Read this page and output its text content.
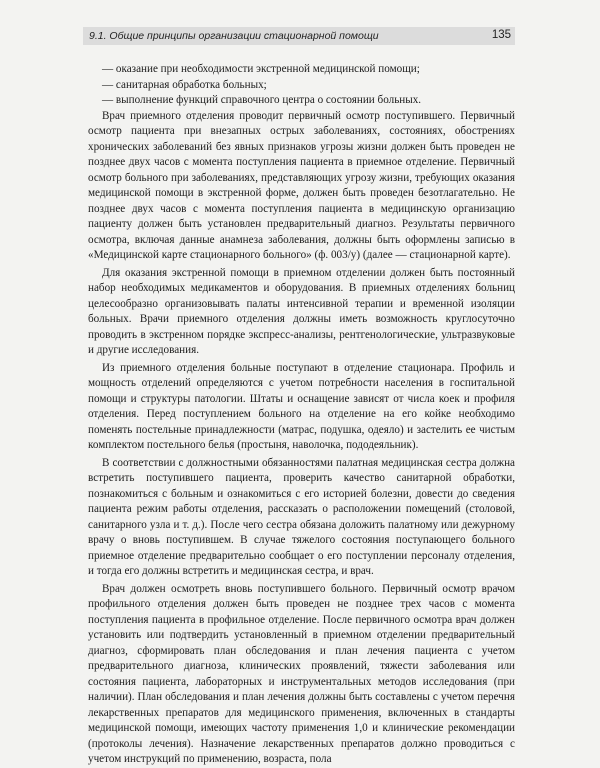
9.1. Общие принципы организации стационарной помощи	135

— оказание при необходимости экстренной медицинской помощи;

— санитарная обработка больных;

— выполнение функций справочного центра о состоянии больных.

Врач приемного отделения проводит первичный осмотр поступившего. Первичный осмотр пациента при внезапных острых заболеваниях, состояниях, обострениях хронических заболеваний без явных признаков угрозы жизни должен быть проведен не позднее двух часов с момента поступления пациента в приемное отделение. Первичный осмотр больного при заболеваниях, представляющих угрозу жизни, требующих оказания медицинской помощи в экстренной форме, должен быть проведен безотлагательно. Не позднее двух часов с момента поступления пациента в медицинскую организацию пациенту должен быть установлен предварительный диагноз. Результаты первичного осмотра, включая данные анамнеза заболевания, должны быть оформлены записью в «Медицинской карте стационарного больного» (ф. 003/у) (далее — стационарной карте).

Для оказания экстренной помощи в приемном отделении должен быть постоянный набор необходимых медикаментов и оборудования. В приемных отделениях больниц целесообразно организовывать палаты интенсивной терапии и временной изоляции больных. Врачи приемного отделения должны иметь возможность круглосуточно проводить в экстренном порядке экспресс-анализы, рентгенологические, ультразвуковые и другие исследования.

Из приемного отделения больные поступают в отделение стационара. Профиль и мощность отделений определяются с учетом потребности населения в госпитальной помощи и структуры патологии. Штаты и оснащение зависят от числа коек и профиля отделения. Перед поступлением больного на отделение на его койке необходимо поменять постельные принадлежности (матрас, подушка, одеяло) и застелить ее чистым комплектом постельного белья (простыня, наволочка, пододеяльник).

В соответствии с должностными обязанностями палатная медицинская сестра должна встретить поступившего пациента, проверить качество санитарной обработки, познакомиться с больным и ознакомиться с его историей болезни, довести до сведения пациента режим работы отделения, рассказать о расположении помещений (столовой, санитарного узла и т. д.). После чего сестра обязана доложить палатному или дежурному врачу о вновь поступившем. В случае тяжелого состояния поступающего больного приемное отделение предварительно сообщает о его поступлении персоналу отделения, и тогда его должны встретить и медицинская сестра, и врач.

Врач должен осмотреть вновь поступившего больного. Первичный осмотр врачом профильного отделения должен быть проведен не позднее трех часов с момента поступления пациента в профильное отделение. После первичного осмотра врач должен установить или подтвердить установленный в приемном отделении предварительный диагноз, сформировать план обследования и план лечения пациента с учетом предварительного диагноза, клинических проявлений, тяжести заболевания или состояния пациента, лабораторных и инструментальных методов исследования (при наличии). План обследования и план лечения должны быть составлены с учетом перечня лекарственных препаратов для медицинского применения, включенных в стандарты медицинской помощи, имеющих частоту применения 1,0 и клинические рекомендации (протоколы лечения). Назначение лекарственных препаратов должно проводиться с учетом инструкций по применению, возраста, пола
